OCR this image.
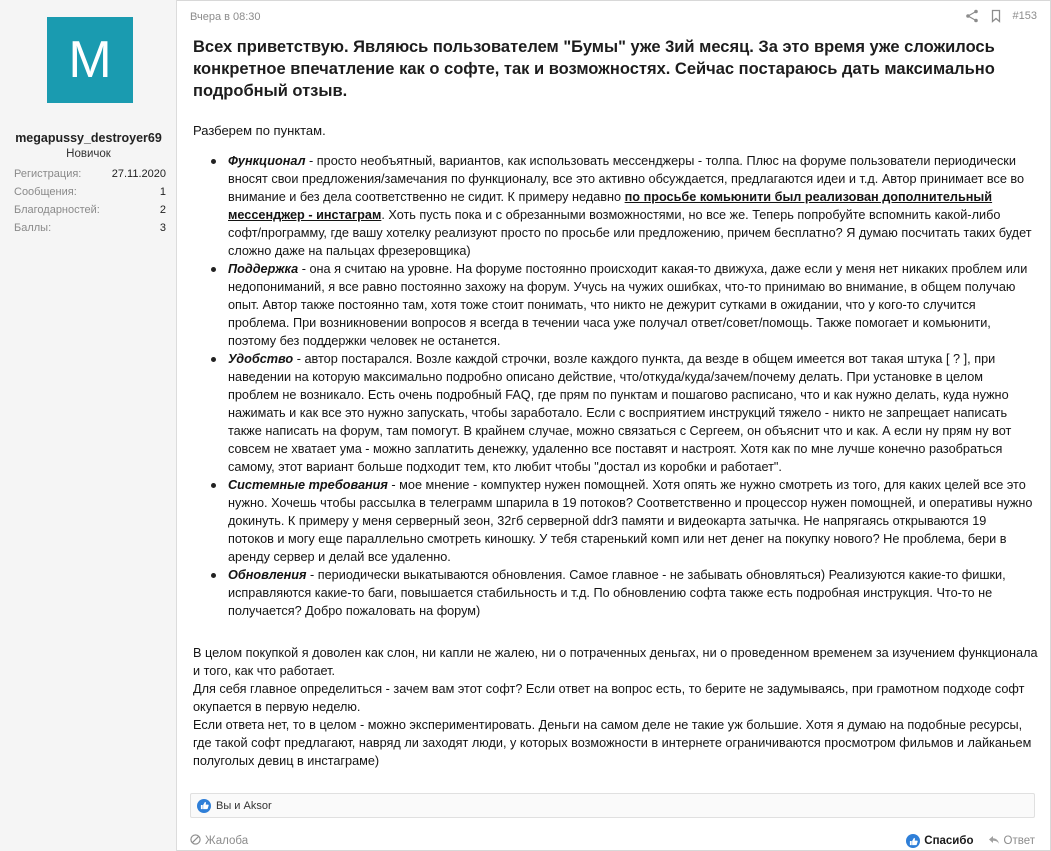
M
megapussy_destroyer69
Новичок
Регистрация:	27.11.2020
Сообщения:	1
Благодарностей:	2
Баллы:	3
Вчера в 08:30	#153
Всех приветствую. Являюсь пользователем "Бумы" уже 3ий месяц. За это время уже сложилось конкретное впечатление как о софте, так и возможностях. Сейчас постараюсь дать максимально подробный отзыв.
Разберем по пунктам.
Функционал - просто необъятный, вариантов, как использовать мессенджеры - толпа. Плюс на форуме пользователи периодически вносят свои предложения/замечания по функционалу, все это активно обсуждается, предлагаются идеи и т.д. Автор принимает все во внимание и без дела соответственно не сидит. К примеру недавно по просьбе комьюнити был реализован дополнительный мессенджер - инстаграм. Хоть пусть пока и с обрезанными возможностями, но все же. Теперь попробуйте вспомнить какой-либо софт/программу, где вашу хотелку реализуют просто по просьбе или предложению, причем бесплатно? Я думаю посчитать таких будет сложно даже на пальцах фрезеровщика)
Поддержка - она я считаю на уровне. На форуме постоянно происходит какая-то движуха, даже если у меня нет никаких проблем или недопониманий, я все равно постоянно захожу на форум. Учусь на чужих ошибках, что-то принимаю во внимание, в общем получаю опыт. Автор также постоянно там, хотя тоже стоит понимать, что никто не дежурит сутками в ожидании, что у кого-то случится проблема. При возникновении вопросов я всегда в течении часа уже получал ответ/совет/помощь. Также помогает и комьюнити, поэтому без поддержки человек не останется.
Удобство - автор постарался. Возле каждой строчки, возле каждого пункта, да везде в общем имеется вот такая штука [ ? ], при наведении на которую максимально подробно описано действие, что/откуда/куда/зачем/почему делать. При установке в целом проблем не возникало. Есть очень подробный FAQ, где прям по пунктам и пошагово расписано, что и как нужно делать, куда нужно нажимать и как все это нужно запускать, чтобы заработало. Если с восприятием инструкций тяжело - никто не запрещает написать также написать на форум, там помогут. В крайнем случае, можно связаться с Сергеем, он объяснит что и как. А если ну прям ну вот совсем не хватает ума - можно заплатить денежку, удаленно все поставят и настроят. Хотя как по мне лучше конечно разобраться самому, этот вариант больше подходит тем, кто любит чтобы "достал из коробки и работает".
Системные требования - мое мнение - компуктер нужен помощней. Хотя опять же нужно смотреть из того, для каких целей все это нужно. Хочешь чтобы рассылка в телеграмм шпарила в 19 потоков? Соответственно и процессор нужен помощней, и оперативы нужно докинуть. К примеру у меня серверный зеон, 32гб серверной ddr3 памяти и видеокарта затычка. Не напрягаясь открываются 19 потоков и могу еще параллельно смотреть киношку. У тебя старенький комп или нет денег на покупку нового? Не проблема, бери в аренду сервер и делай все удаленно.
Обновления - периодически выкатываются обновления. Самое главное - не забывать обновляться) Реализуются какие-то фишки, исправляются какие-то баги, повышается стабильность и т.д. По обновлению софта также есть подробная инструкция. Что-то не получается? Добро пожаловать на форум)
В целом покупкой я доволен как слон, ни капли не жалею, ни о потраченных деньгах, ни о проведенном временем за изучением функционала и того, как что работает.
Для себя главное определиться - зачем вам этот софт? Если ответ на вопрос есть, то берите не задумываясь, при грамотном подходе софт окупается в первую неделю.
Если ответа нет, то в целом - можно экспериментировать. Деньги на самом деле не такие уж большие. Хотя я думаю на подобные ресурсы, где такой софт предлагают, навряд ли заходят люди, у которых возможности в интернете ограничиваются просмотром фильмов и лайканьем полуголых девиц в инстаграме)
Вы и Aksor
Жалоба	Спасибо	Ответ
